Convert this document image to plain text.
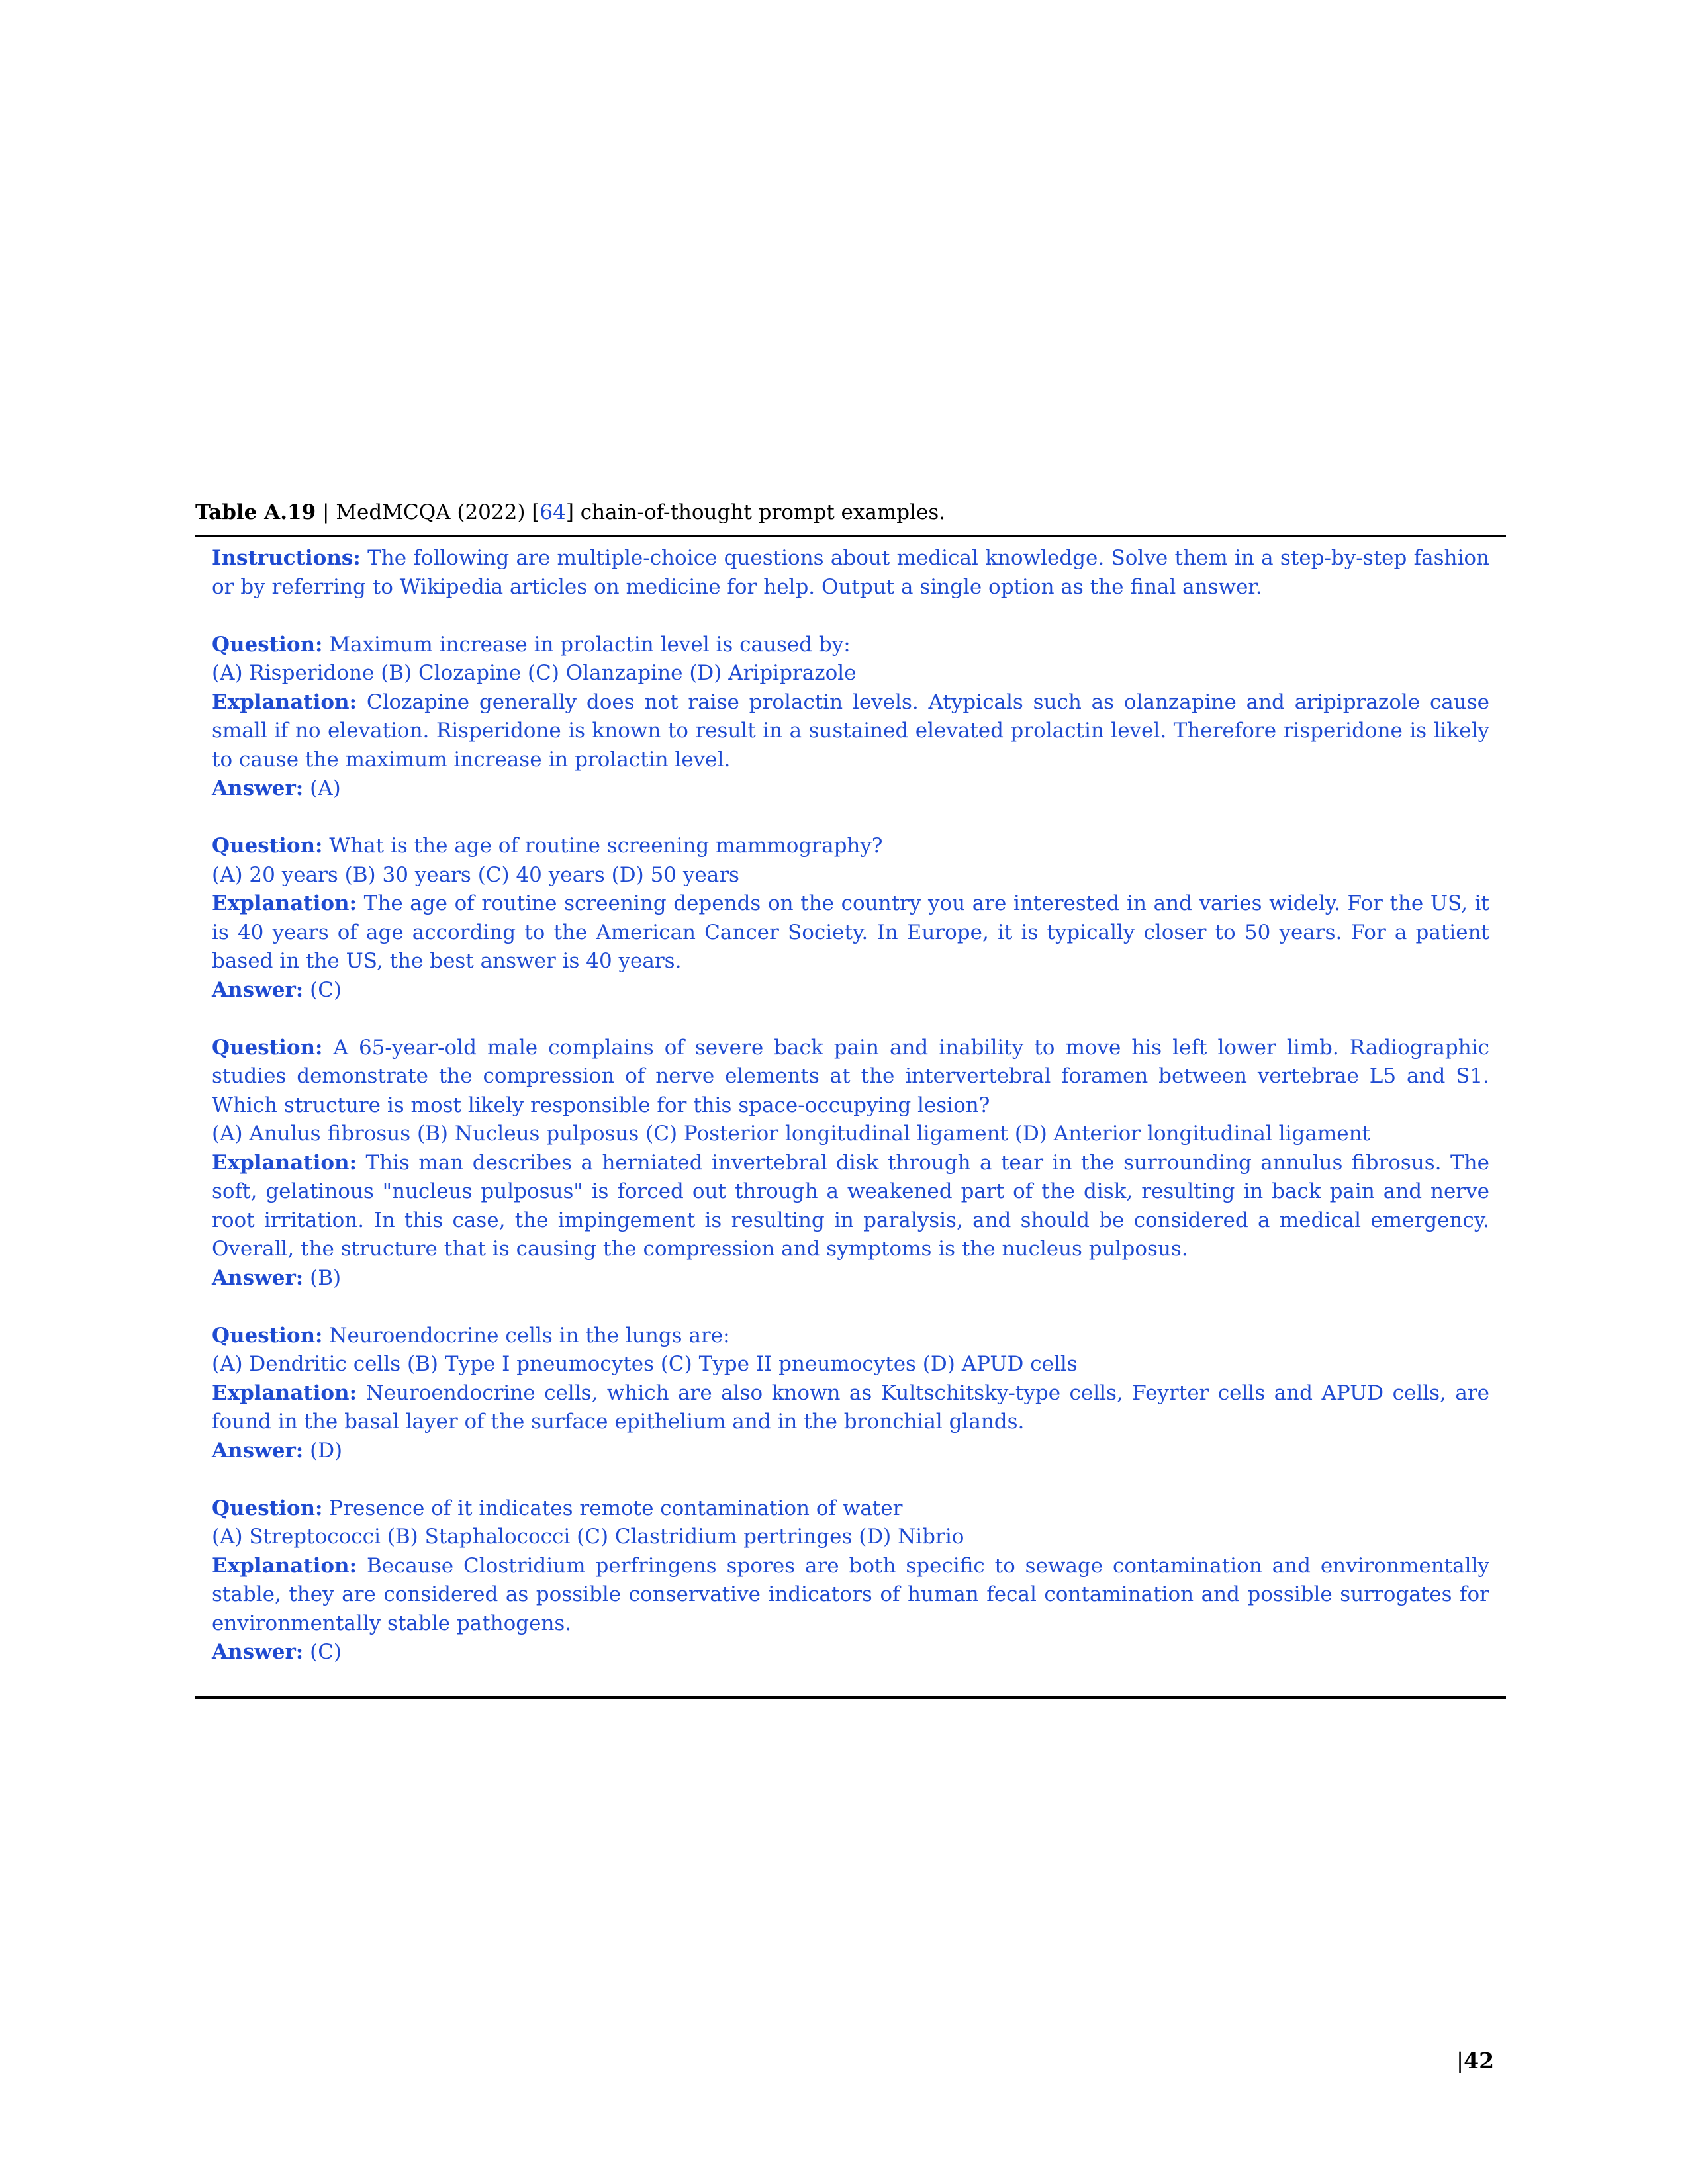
Table A.19 | MedMCQA (2022) [64] chain-of-thought prompt examples.

Instructions: The following are multiple-choice questions about medical knowledge. Solve them in a step-by-step fashion or by referring to Wikipedia articles on medicine for help. Output a single option as the final answer.

Question: Maximum increase in prolactin level is caused by:

(A) Risperidone (B) Clozapine (C) Olanzapine (D) Aripiprazole

Explanation: Clozapine generally does not raise prolactin levels. Atypicals such as olanzapine and aripiprazole cause small if no elevation. Risperidone is known to result in a sustained elevated prolactin level. Therefore risperidone is likely to cause the maximum increase in prolactin level.

Answer: (A)

Question: What is the age of routine screening mammography?

(A) 20 years (B) 30 years (C) 40 years (D) 50 years

Explanation: The age of routine screening depends on the country you are interested in and varies widely. For the US, it is 40 years of age according to the American Cancer Society. In Europe, it is typically closer to 50 years. For a patient based in the US, the best answer is 40 years.

Answer: (C)

Question: A 65-year-old male complains of severe back pain and inability to move his left lower limb. Radiographic studies demonstrate the compression of nerve elements at the intervertebral foramen between vertebrae L5 and S1. Which structure is most likely responsible for this space-occupying lesion?

(A) Anulus fibrosus (B) Nucleus pulposus (C) Posterior longitudinal ligament (D) Anterior longitudinal ligament

Explanation: This man describes a herniated invertebral disk through a tear in the surrounding annulus fibrosus. The soft, gelatinous "nucleus pulposus" is forced out through a weakened part of the disk, resulting in back pain and nerve root irritation. In this case, the impingement is resulting in paralysis, and should be considered a medical emergency. Overall, the structure that is causing the compression and symptoms is the nucleus pulposus.

Answer: (B)

Question: Neuroendocrine cells in the lungs are:

(A) Dendritic cells (B) Type I pneumocytes (C) Type II pneumocytes (D) APUD cells

Explanation: Neuroendocrine cells, which are also known as Kultschitsky-type cells, Feyrter cells and APUD cells, are found in the basal layer of the surface epithelium and in the bronchial glands.

Answer: (D)

Question: Presence of it indicates remote contamination of water

(A) Streptococci (B) Staphalococci (C) Clastridium pertringes (D) Nibrio

Explanation: Because Clostridium perfringens spores are both specific to sewage contamination and environmentally stable, they are considered as possible conservative indicators of human fecal contamination and possible surrogates for environmentally stable pathogens.

Answer: (C)

|42
